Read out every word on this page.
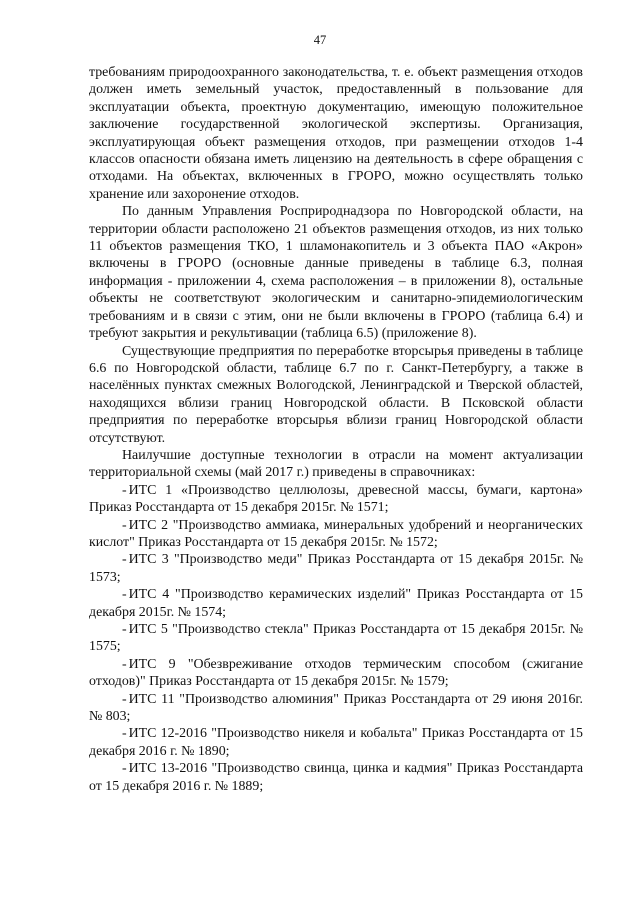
47

требованиям природоохранного законодательства, т. е. объект размещения отходов должен иметь земельный участок, предоставленный в пользование для эксплуатации объекта, проектную документацию, имеющую положительное заключение государственной экологической экспертизы. Организация, эксплуатирующая объект размещения отходов, при размещении отходов 1-4 классов опасности обязана иметь лицензию на деятельность в сфере обращения с отходами. На объектах, включенных в ГРОРО, можно осуществлять только хранение или захоронение отходов.

По данным Управления Росприроднадзора по Новгородской области, на территории области расположено 21 объектов размещения отходов, из них только 11 объектов размещения ТКО, 1 шламонакопитель и 3 объекта ПАО «Акрон» включены в ГРОРО (основные данные приведены в таблице 6.3, полная информация - приложении 4, схема расположения – в приложении 8), остальные объекты не соответствуют экологическим и санитарно-эпидемиологическим требованиям и в связи с этим, они не были включены в ГРОРО (таблица 6.4) и требуют закрытия и рекультивации (таблица 6.5) (приложение 8).

Существующие предприятия по переработке вторсырья приведены в таблице 6.6 по Новгородской области, таблице 6.7 по г. Санкт-Петербургу, а также в населённых пунктах смежных Вологодской, Ленинградской и Тверской областей, находящихся вблизи границ Новгородской области. В Псковской области предприятия по переработке вторсырья вблизи границ Новгородской области отсутствуют.

Наилучшие доступные технологии в отрасли на момент актуализации территориальной схемы (май 2017 г.) приведены в справочниках:

- ИТС 1 «Производство целлюлозы, древесной массы, бумаги, картона» Приказ Росстандарта от 15 декабря 2015г. № 1571;

- ИТС 2 "Производство аммиака, минеральных удобрений и неорганических кислот" Приказ Росстандарта от 15 декабря 2015г. № 1572;

- ИТС 3 "Производство меди" Приказ Росстандарта от 15 декабря 2015г. № 1573;

- ИТС 4 "Производство керамических изделий" Приказ Росстандарта от 15 декабря 2015г. № 1574;

- ИТС 5 "Производство стекла" Приказ Росстандарта от 15 декабря 2015г. № 1575;

- ИТС 9 "Обезвреживание отходов термическим способом (сжигание отходов)" Приказ Росстандарта от 15 декабря 2015г. № 1579;

- ИТС 11 "Производство алюминия" Приказ Росстандарта от 29 июня 2016г. № 803;

- ИТС 12-2016 "Производство никеля и кобальта" Приказ Росстандарта от 15 декабря 2016 г. № 1890;

- ИТС 13-2016 "Производство свинца, цинка и кадмия" Приказ Росстандарта от 15 декабря 2016 г. № 1889;
